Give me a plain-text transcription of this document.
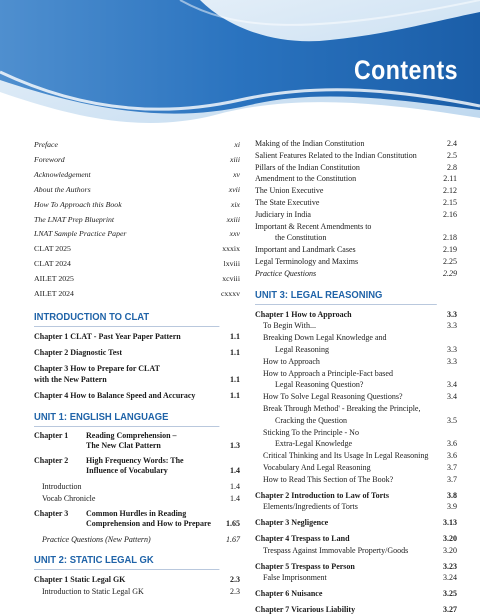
Contents
Preface	xi
Foreword	xiii
Acknowledgement	xv
About the Authors	xvii
How To Approach this Book	xix
The LNAT Prep Blueprint	xxiii
LNAT Sample Practice Paper	xxv
CLAT 2025	xxxix
CLAT 2024	lxviii
AILET 2025	xcviii
AILET 2024	cxxxv
INTRODUCTION TO CLAT
Chapter 1 CLAT - Past Year Paper Pattern	1.1
Chapter 2 Diagnostic Test	1.1
Chapter 3 How to Prepare for CLAT
with the New Pattern	1.1
Chapter 4 How to Balance Speed and Accuracy	1.1
UNIT 1: ENGLISH LANGUAGE
Chapter 1 Reading Comprehension –
The New Clat Pattern	1.3
Chapter 2 High Frequency Words: The
Influence of Vocabulary	1.4
Introduction	1.4
Vocab Chronicle	1.4
Chapter 3 Common Hurdles in Reading
Comprehension and How to Prepare	1.65
Practice Questions (New Pattern)	1.67
UNIT 2: STATIC LEGAL GK
Chapter 1 Static Legal GK	2.3
Introduction to Static Legal GK	2.3
Making of the Indian Constitution	2.4
Salient Features Related to the Indian Constitution	2.5
Pillars of the Indian Constitution	2.8
Amendment to the Constitution	2.11
The Union Executive	2.12
The State Executive	2.15
Judiciary in India	2.16
Important & Recent Amendments to
the Constitution	2.18
Important and Landmark Cases	2.19
Legal Terminology and Maxims	2.25
Practice Questions	2.29
UNIT 3: LEGAL REASONING
Chapter 1 How to Approach	3.3
To Begin With...	3.3
Breaking Down Legal Knowledge and
Legal Reasoning	3.3
How to Approach	3.3
How to Approach a Principle-Fact based
Legal Reasoning Question?	3.4
How To Solve Legal Reasoning Questions?	3.4
Break Through Method' - Breaking the Principle,
Cracking the Question	3.5
Sticking To the Principle - No
Extra-Legal Knowledge	3.6
Critical Thinking and Its Usage In Legal Reasoning	3.6
Vocabulary And Legal Reasoning	3.7
How to Read This Section of The Book?	3.7
Chapter 2 Introduction to Law of Torts	3.8
Elements/Ingredients of Torts	3.9
Chapter 3 Negligence	3.13
Chapter 4 Trespass to Land	3.20
Trespass Against Immovable Property/Goods	3.20
Chapter 5 Trespass to Person	3.23
False Imprisonment	3.24
Chapter 6 Nuisance	3.25
Chapter 7 Vicarious Liability	3.27
